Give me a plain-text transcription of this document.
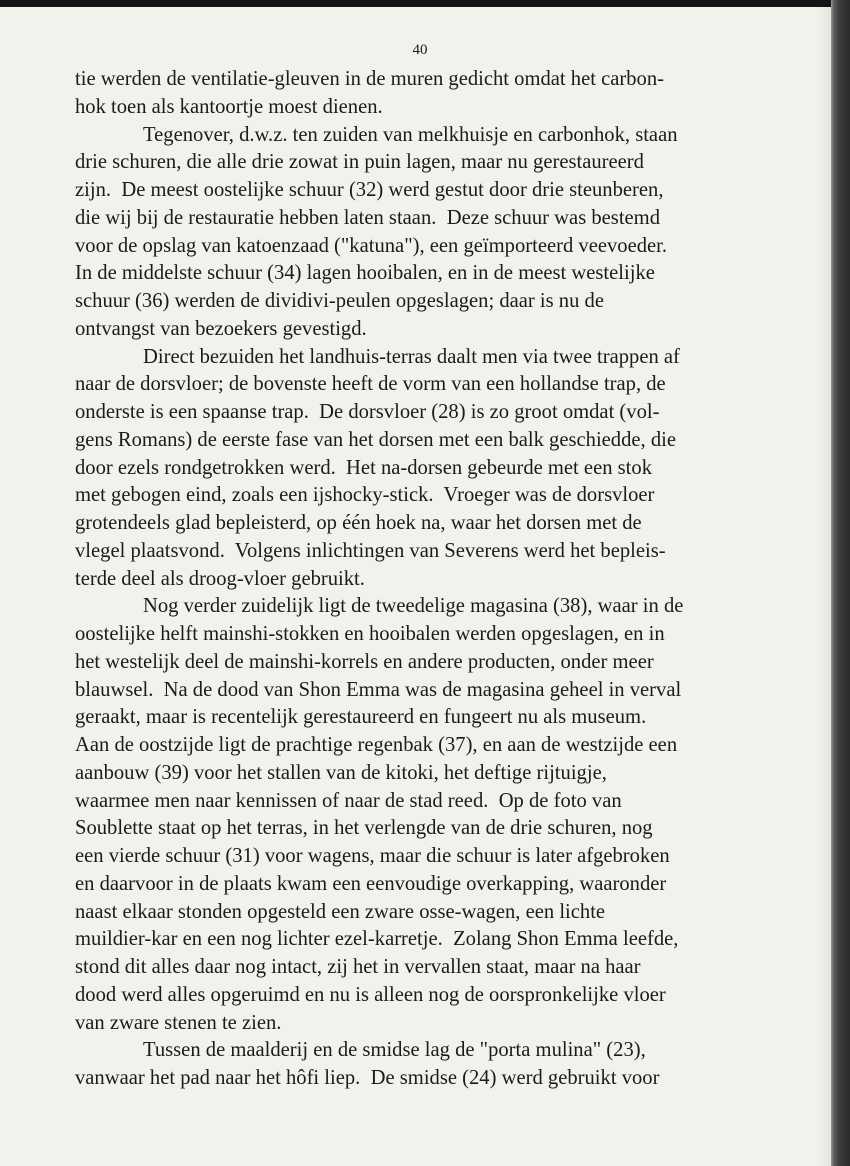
40
tie werden de ventilatie-gleuven in de muren gedicht omdat het carbon-
hok toen als kantoortje moest dienen.
Tegenover, d.w.z. ten zuiden van melkhuisje en carbonhok, staan
drie schuren, die alle drie zowat in puin lagen, maar nu gerestaureerd
zijn.  De meest oostelijke schuur (32) werd gestut door drie steunberen,
die wij bij de restauratie hebben laten staan.  Deze schuur was bestemd
voor de opslag van katoenzaad ("katuna"), een geïmporteerd veevoeder.
In de middelste schuur (34) lagen hooibalen, en in de meest westelijke
schuur (36) werden de dividivi-peulen opgeslagen; daar is nu de
ontvangst van bezoekers gevestigd.
Direct bezuiden het landhuis-terras daalt men via twee trappen af
naar de dorsvloer; de bovenste heeft de vorm van een hollandse trap, de
onderste is een spaanse trap.  De dorsvloer (28) is zo groot omdat (vol-
gens Romans) de eerste fase van het dorsen met een balk geschiedde, die
door ezels rondgetrokken werd.  Het na-dorsen gebeurde met een stok
met gebogen eind, zoals een ijshocky-stick.  Vroeger was de dorsvloer
grotendeels glad bepleisterd, op één hoek na, waar het dorsen met de
vlegel plaatsvond.  Volgens inlichtingen van Severens werd het bepleis-
terde deel als droog-vloer gebruikt.
Nog verder zuidelijk ligt de tweedelige magasina (38), waar in de
oostelijke helft mainshi-stokken en hooibalen werden opgeslagen, en in
het westelijk deel de mainshi-korrels en andere producten, onder meer
blauwsel.  Na de dood van Shon Emma was de magasina geheel in verval
geraakt, maar is recentelijk gerestaureerd en fungeert nu als museum.
Aan de oostzijde ligt de prachtige regenbak (37), en aan de westzijde een
aanbouw (39) voor het stallen van de kitoki, het deftige rijtuigje,
waarmee men naar kennissen of naar de stad reed.  Op de foto van
Soublette staat op het terras, in het verlengde van de drie schuren, nog
een vierde schuur (31) voor wagens, maar die schuur is later afgebroken
en daarvoor in de plaats kwam een eenvoudige overkapping, waaronder
naast elkaar stonden opgesteld een zware osse-wagen, een lichte
muildier-kar en een nog lichter ezel-karretje.  Zolang Shon Emma leefde,
stond dit alles daar nog intact, zij het in vervallen staat, maar na haar
dood werd alles opgeruimd en nu is alleen nog de oorspronkelijke vloer
van zware stenen te zien.
Tussen de maalderij en de smidse lag de "porta mulina" (23),
vanwaar het pad naar het hôfi liep.  De smidse (24) werd gebruikt voor
